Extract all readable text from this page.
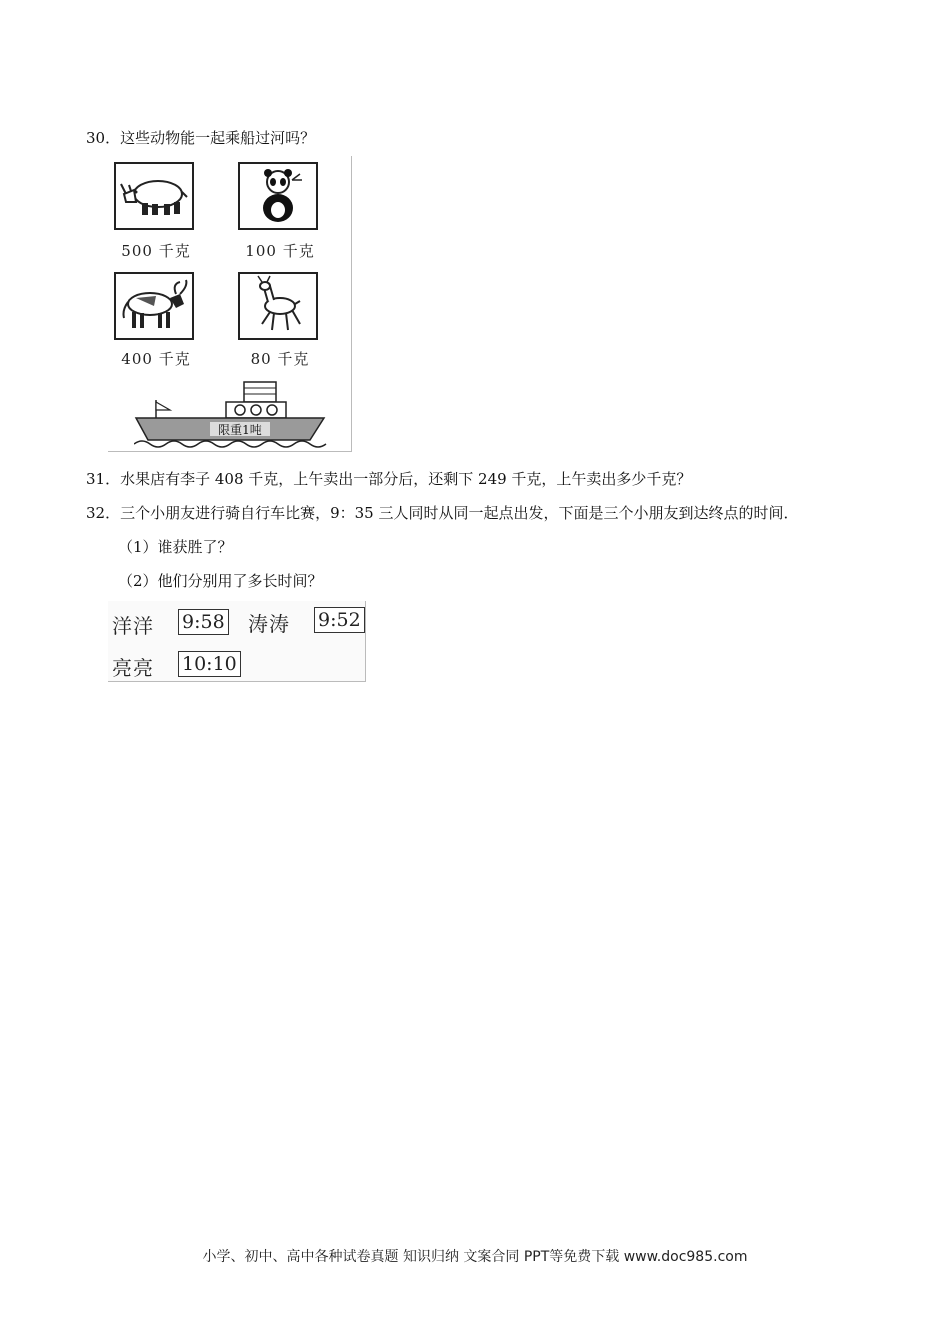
30．这些动物能一起乘船过河吗？
500 千克	100 千克
400 千克	80 千克
限重1吨
31．水果店有李子 408 千克，上午卖出一部分后，还剩下 249 千克，上午卖出多少千克？
32．三个小朋友进行骑自行车比赛，9：35 三人同时从同一起点出发，下面是三个小朋友到达终点的时间．
（1）谁获胜了？
（2）他们分别用了多长时间？
洋洋 9:58 涛涛 9:52
亮亮 10:10
小学、初中、高中各种试卷真题 知识归纳 文案合同 PPT等免费下载 www.doc985.com
